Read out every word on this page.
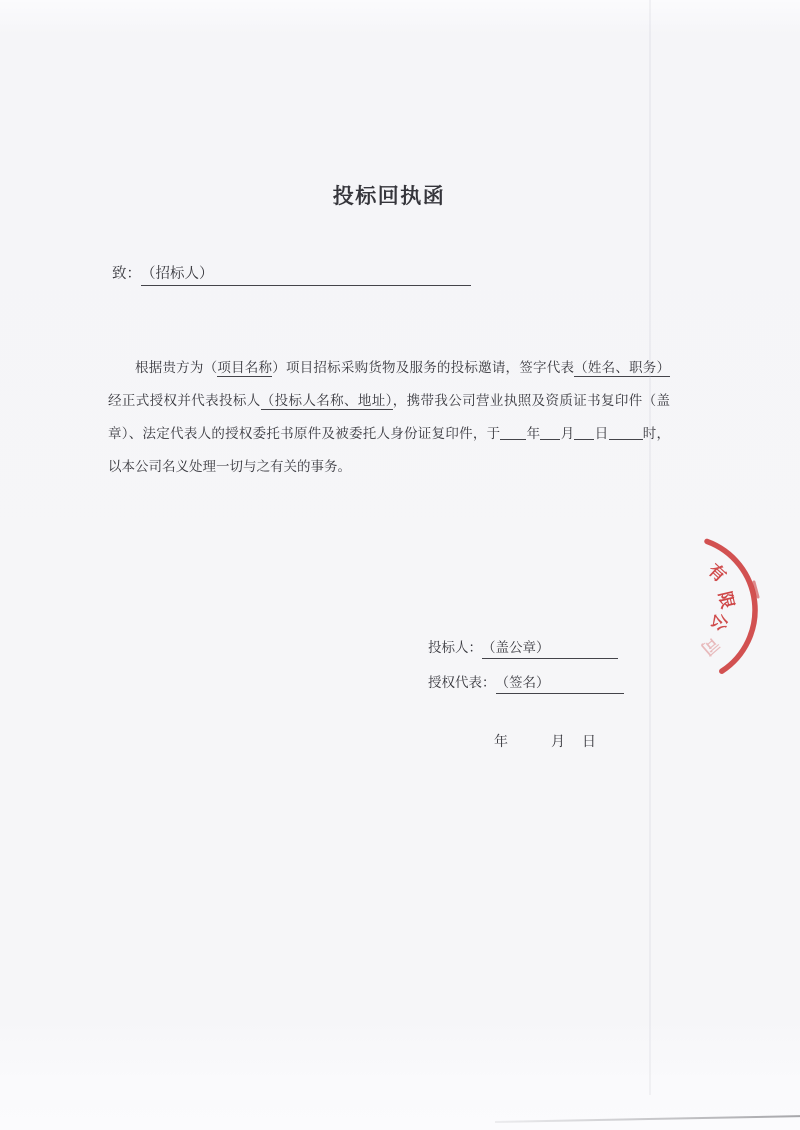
投标回执函
致：（招标人）
根据贵方为（项目名称）项目招标采购货物及服务的投标邀请，签字代表（姓名、职务）
经正式授权并代表投标人（投标人名称、地址），携带我公司营业执照及资质证书复印件（盖
章）、法定代表人的授权委托书原件及被委托人身份证复印件，于 年 月 日	时，
以本公司名义处理一切与之有关的事务。
投标人：（盖公章）
授权代表：（签名）
年	月 日
有
限
公
司
